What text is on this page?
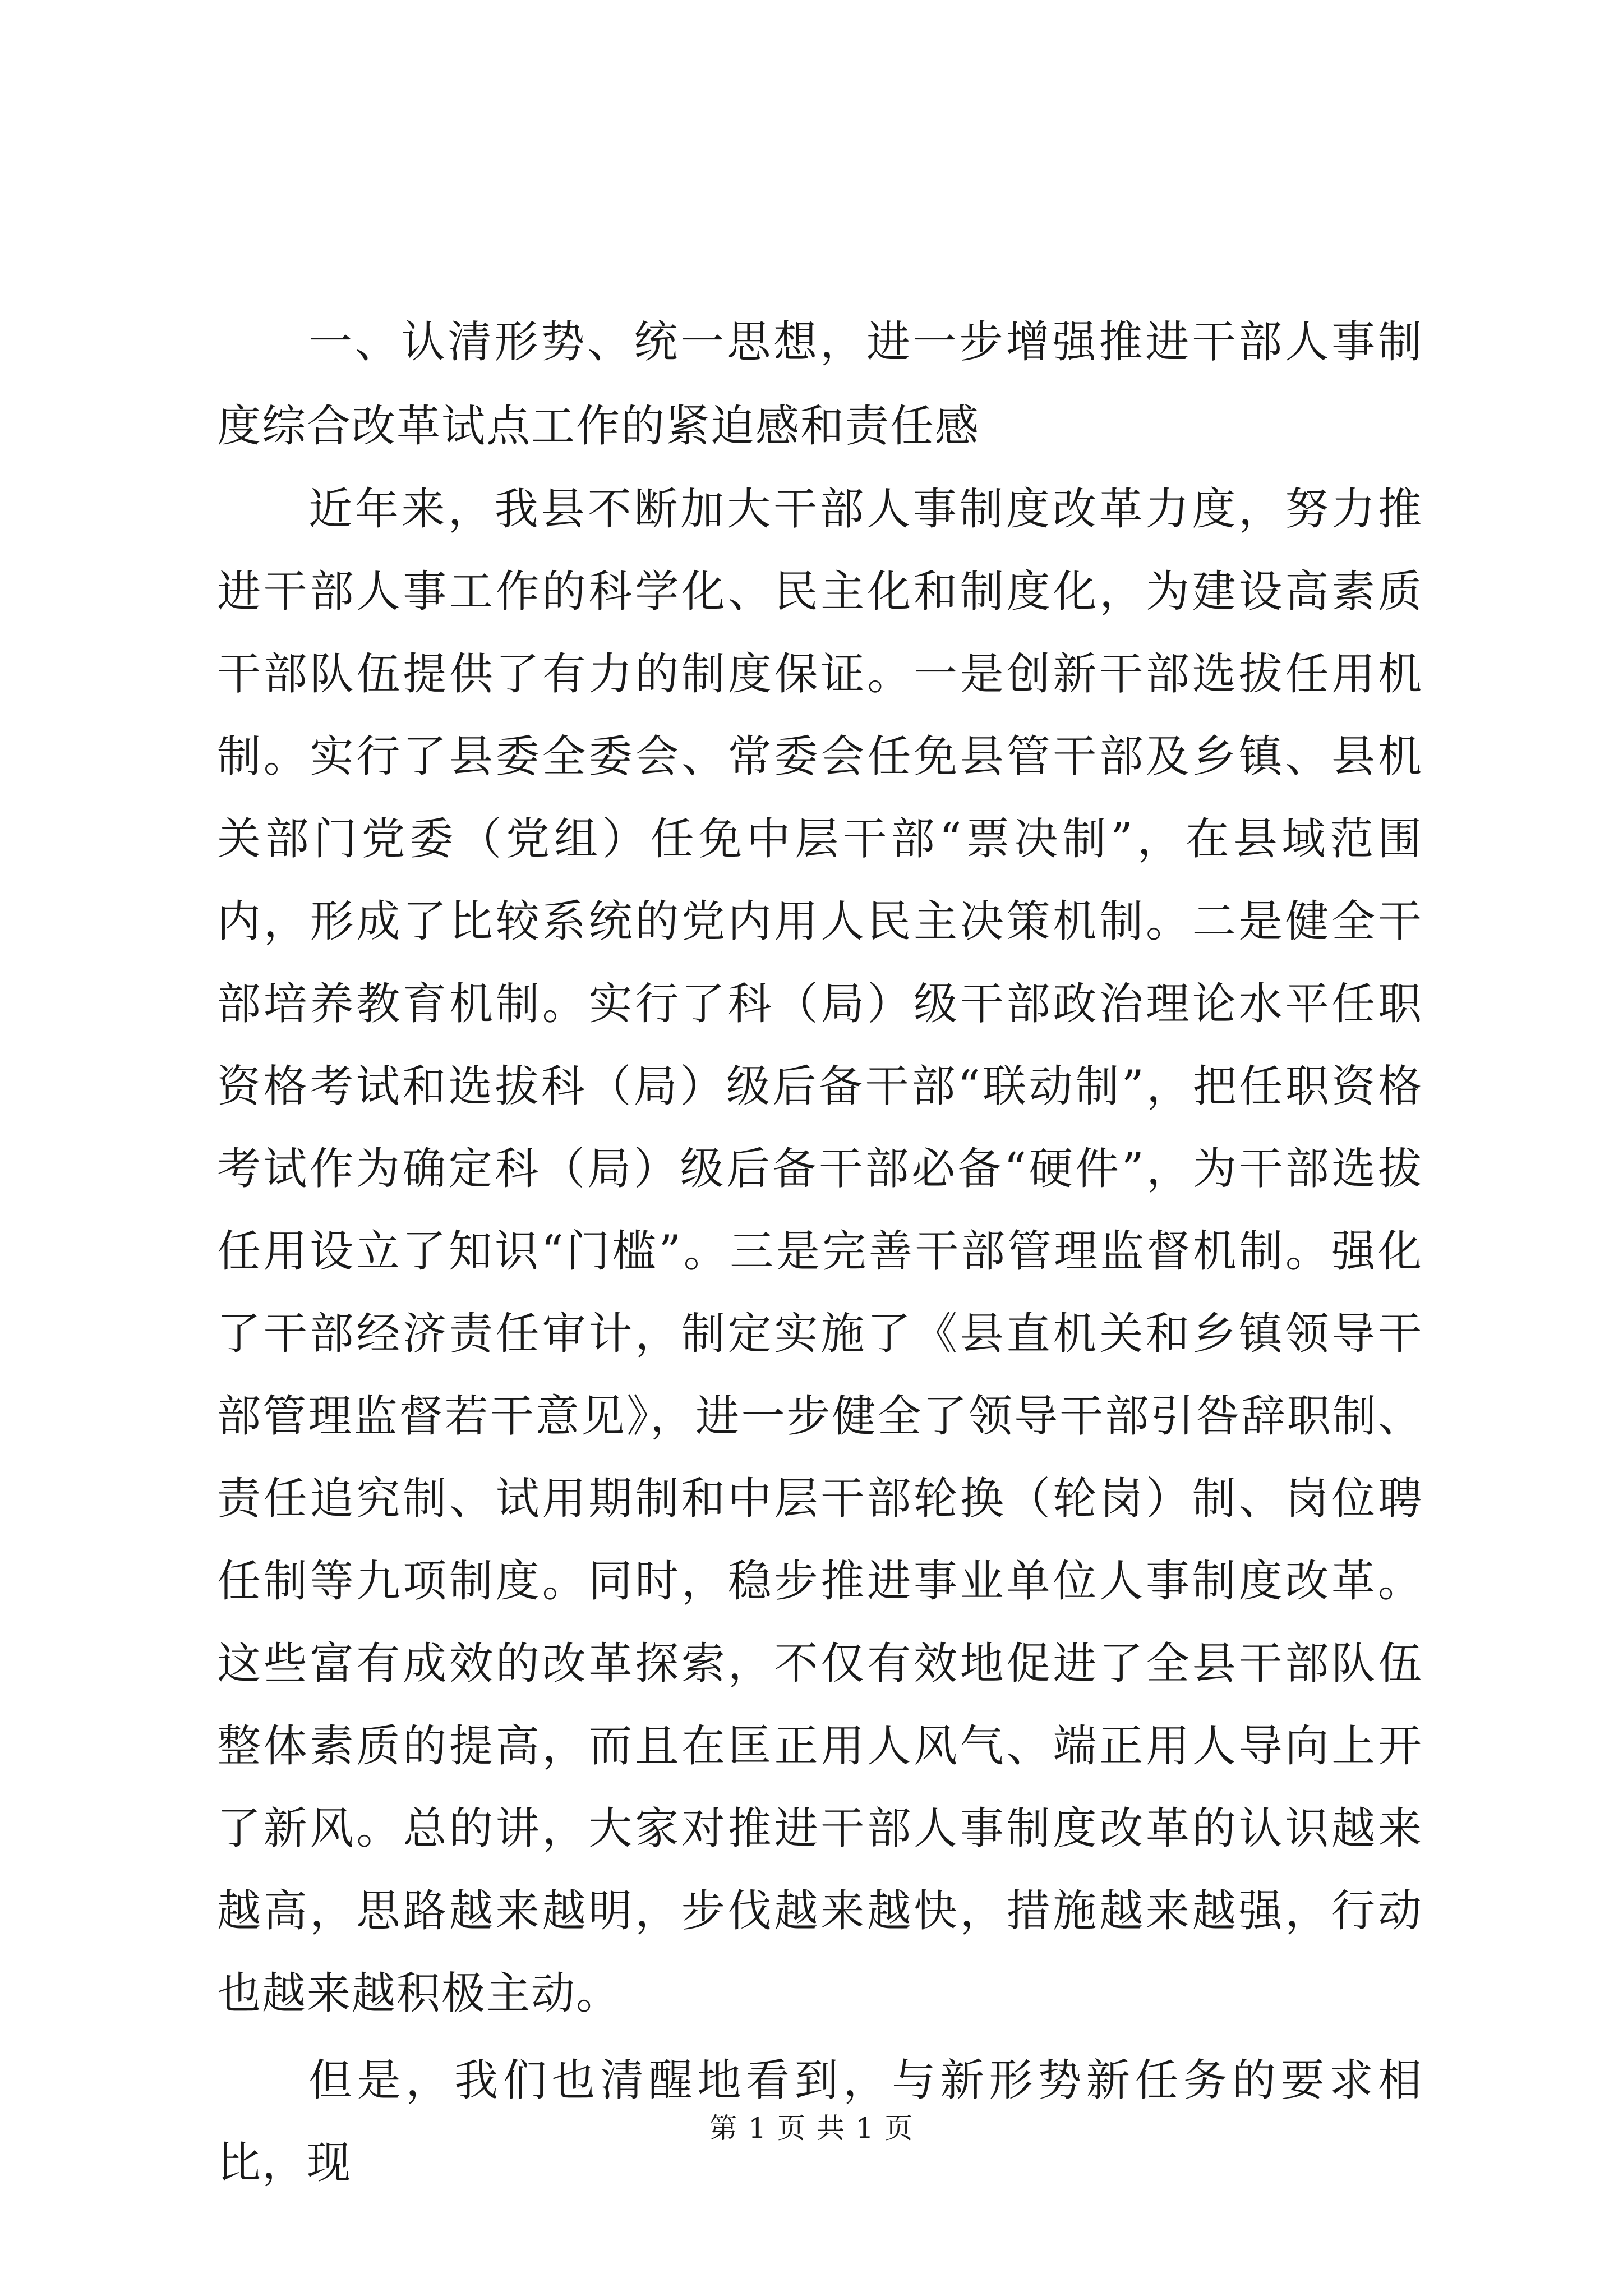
一、认清形势、统一思想，进一步增强推进干部人事制度综合改革试点工作的紧迫感和责任感

近年来，我县不断加大干部人事制度改革力度，努力推进干部人事工作的科学化、民主化和制度化，为建设高素质干部队伍提供了有力的制度保证。一是创新干部选拔任用机制。实行了县委全委会、常委会任免县管干部及乡镇、县机关部门党委（党组）任免中层干部“票决制”，在县域范围内，形成了比较系统的党内用人民主决策机制。二是健全干部培养教育机制。实行了科（局）级干部政治理论水平任职资格考试和选拔科（局）级后备干部“联动制”，把任职资格考试作为确定科（局）级后备干部必备“硬件”，为干部选拔任用设立了知识“门槛”。三是完善干部管理监督机制。强化了干部经济责任审计，制定实施了《县直机关和乡镇领导干部管理监督若干意见》，进一步健全了领导干部引咎辞职制、责任追究制、试用期制和中层干部轮换（轮岗）制、岗位聘任制等九项制度。同时，稳步推进事业单位人事制度改革。这些富有成效的改革探索，不仅有效地促进了全县干部队伍整体素质的提高，而且在匡正用人风气、端正用人导向上开了新风。总的讲，大家对推进干部人事制度改革的认识越来越高，思路越来越明，步伐越来越快，措施越来越强，行动也越来越积极主动。

但是，我们也清醒地看到，与新形势新任务的要求相比，现

第 1 页 共 1 页
